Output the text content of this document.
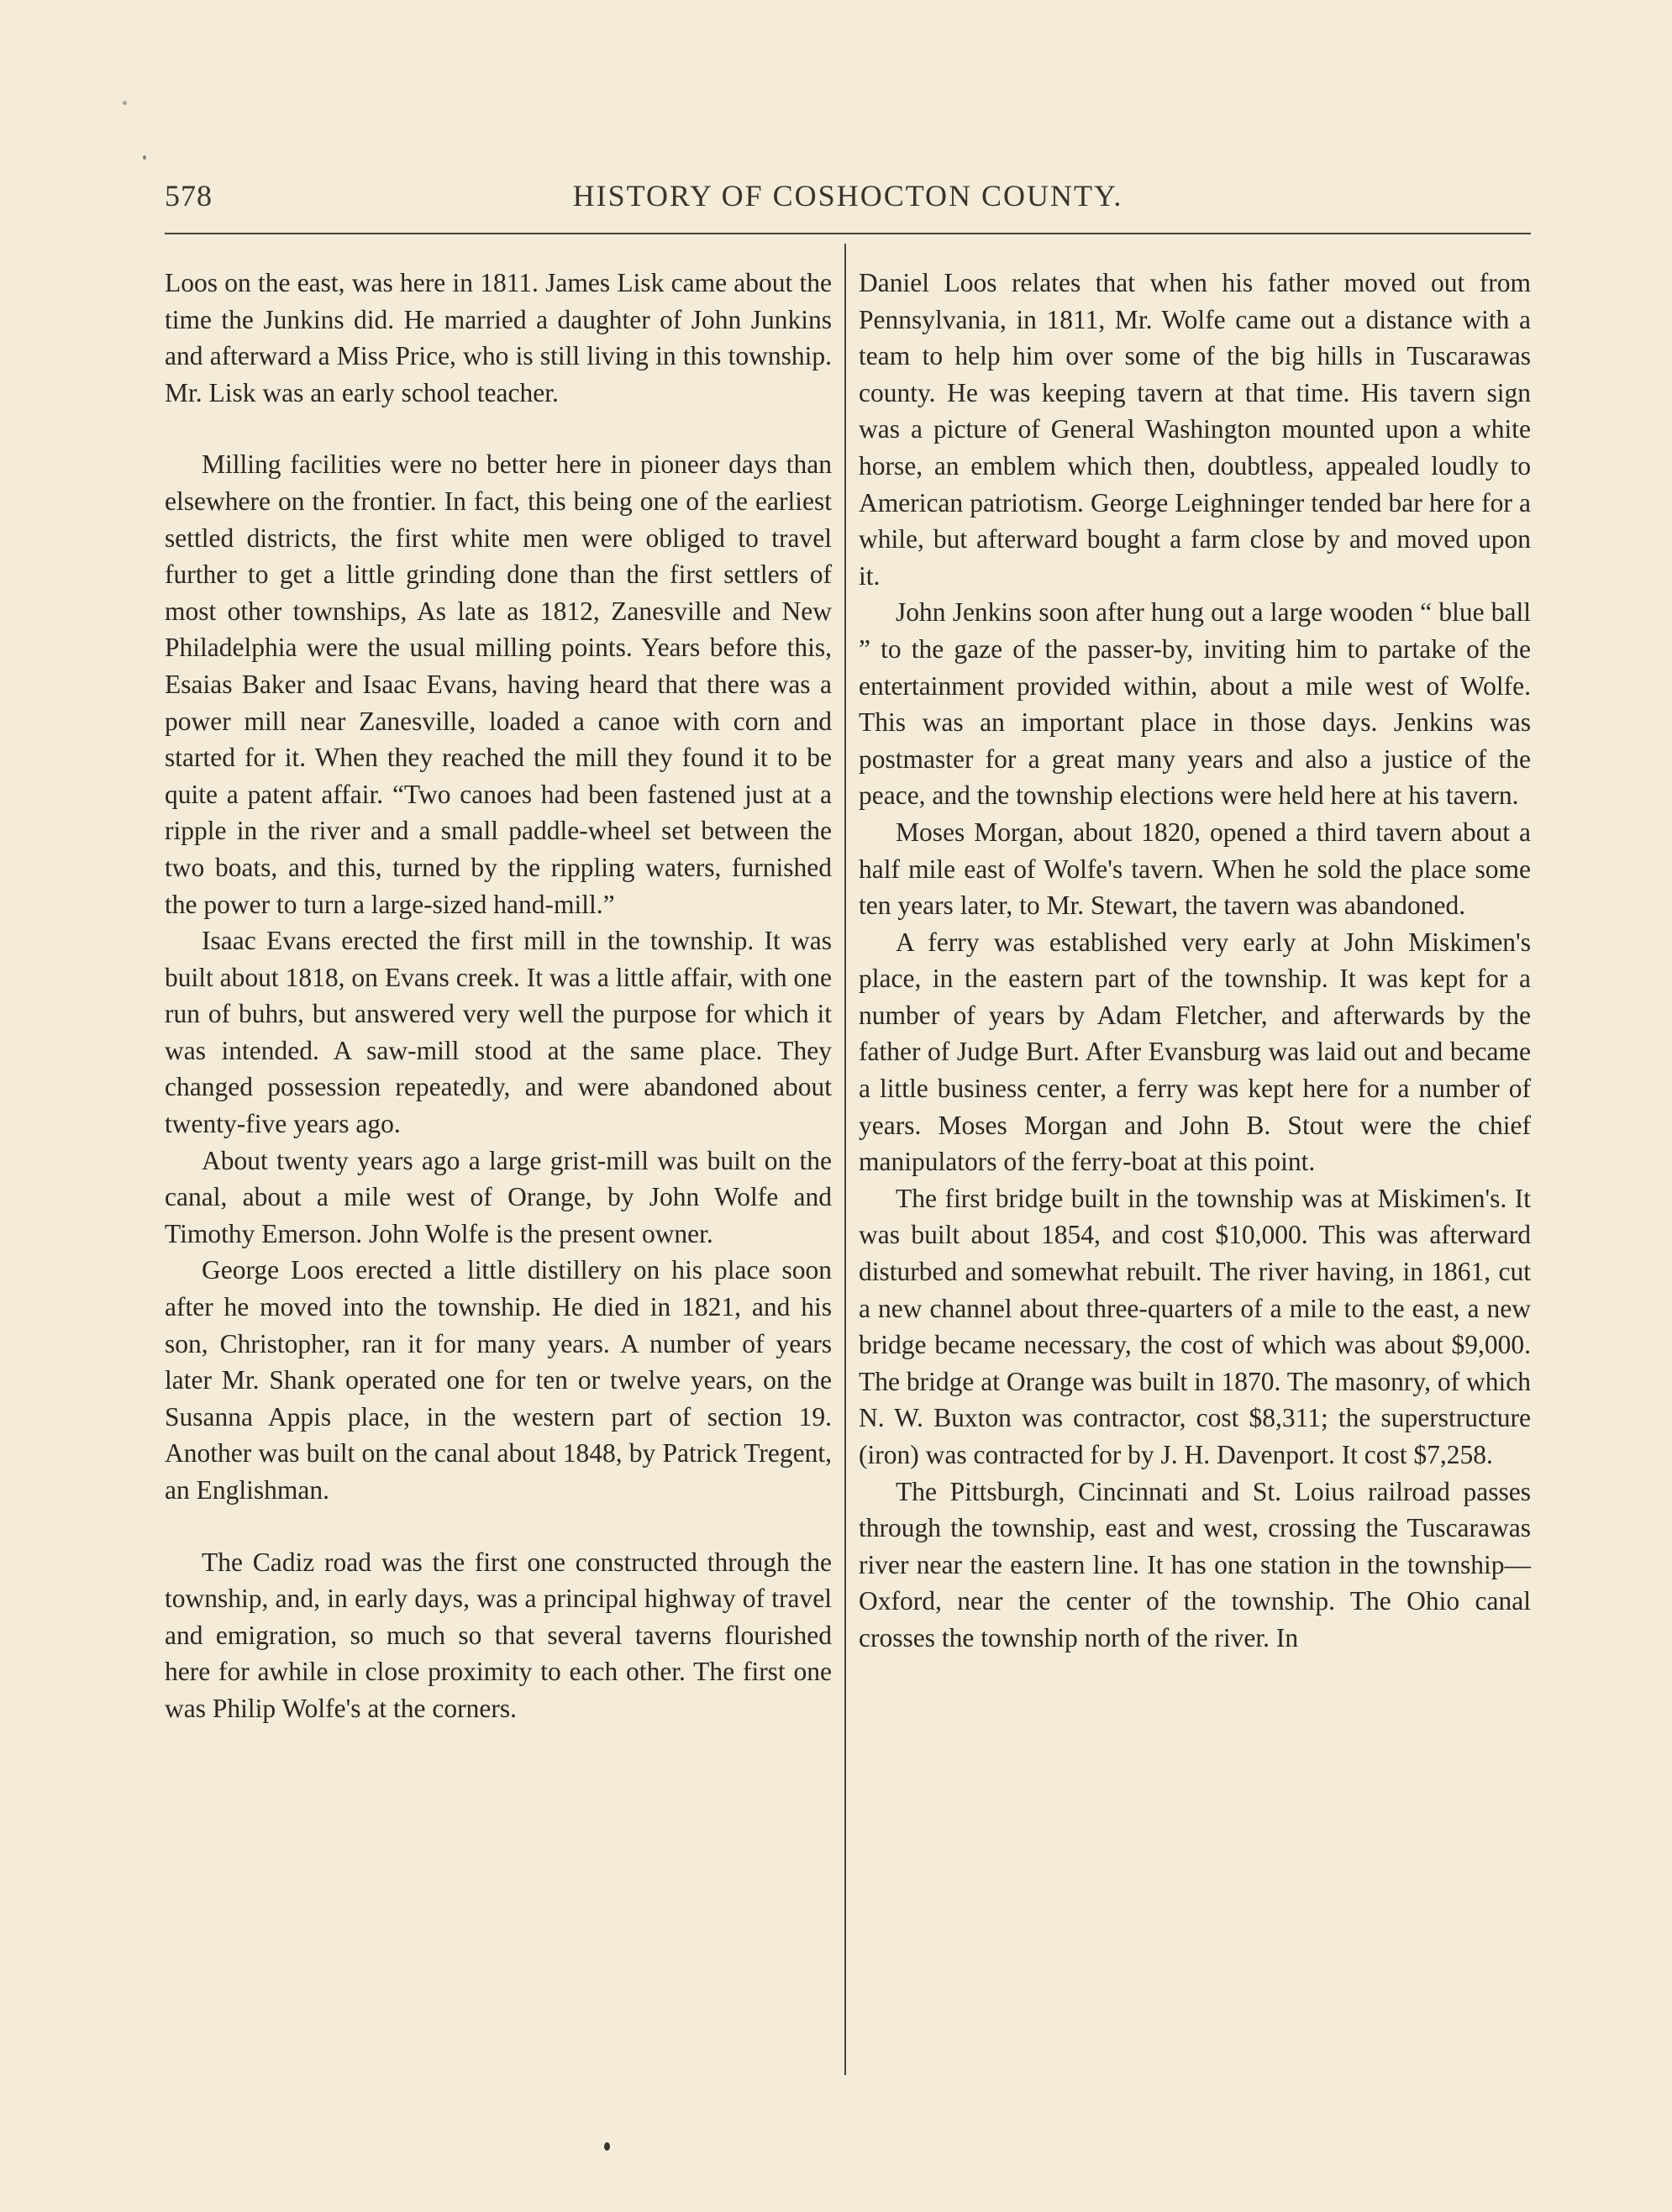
578	HISTORY OF COSHOCTON COUNTY.

Loos on the east, was here in 1811. James Lisk came about the time the Junkins did. He married a daughter of John Junkins and afterward a Miss Price, who is still living in this township. Mr. Lisk was an early school teacher.

Milling facilities were no better here in pioneer days than elsewhere on the frontier. In fact, this being one of the earliest settled districts, the first white men were obliged to travel further to get a little grinding done than the first settlers of most other townships, As late as 1812, Zanesville and New Philadelphia were the usual milling points. Years before this, Esaias Baker and Isaac Evans, having heard that there was a power mill near Zanesville, loaded a canoe with corn and started for it. When they reached the mill they found it to be quite a patent affair. “Two canoes had been fastened just at a ripple in the river and a small paddle-wheel set between the two boats, and this, turned by the rippling waters, furnished the power to turn a large-sized hand-mill.”

Isaac Evans erected the first mill in the township. It was built about 1818, on Evans creek. It was a little affair, with one run of buhrs, but answered very well the purpose for which it was intended. A saw-mill stood at the same place. They changed possession repeatedly, and were abandoned about twenty-five years ago.

About twenty years ago a large grist-mill was built on the canal, about a mile west of Orange, by John Wolfe and Timothy Emerson. John Wolfe is the present owner.

George Loos erected a little distillery on his place soon after he moved into the township. He died in 1821, and his son, Christopher, ran it for many years. A number of years later Mr. Shank operated one for ten or twelve years, on the Susanna Appis place, in the western part of section 19. Another was built on the canal about 1848, by Patrick Tregent, an Englishman.

The Cadiz road was the first one constructed through the township, and, in early days, was a principal highway of travel and emigration, so much so that several taverns flourished here for awhile in close proximity to each other. The first one was Philip Wolfe's at the corners.

Daniel Loos relates that when his father moved out from Pennsylvania, in 1811, Mr. Wolfe came out a distance with a team to help him over some of the big hills in Tuscarawas county. He was keeping tavern at that time. His tavern sign was a picture of General Washington mounted upon a white horse, an emblem which then, doubtless, appealed loudly to American patriotism. George Leighninger tended bar here for a while, but afterward bought a farm close by and moved upon it.

John Jenkins soon after hung out a large wooden “ blue ball ” to the gaze of the passer-by, inviting him to partake of the entertainment provided within, about a mile west of Wolfe. This was an important place in those days. Jenkins was postmaster for a great many years and also a justice of the peace, and the township elections were held here at his tavern.

Moses Morgan, about 1820, opened a third tavern about a half mile east of Wolfe's tavern. When he sold the place some ten years later, to Mr. Stewart, the tavern was abandoned.

A ferry was established very early at John Miskimen's place, in the eastern part of the township. It was kept for a number of years by Adam Fletcher, and afterwards by the father of Judge Burt. After Evansburg was laid out and became a little business center, a ferry was kept here for a number of years. Moses Morgan and John B. Stout were the chief manipulators of the ferry-boat at this point.

The first bridge built in the township was at Miskimen's. It was built about 1854, and cost $10,000. This was afterward disturbed and somewhat rebuilt. The river having, in 1861, cut a new channel about three-quarters of a mile to the east, a new bridge became necessary, the cost of which was about $9,000. The bridge at Orange was built in 1870. The masonry, of which N. W. Buxton was contractor, cost $8,311; the superstructure (iron) was contracted for by J. H. Davenport. It cost $7,258.

The Pittsburgh, Cincinnati and St. Loius railroad passes through the township, east and west, crossing the Tuscarawas river near the eastern line. It has one station in the township—Oxford, near the center of the township. The Ohio canal crosses the township north of the river. In
